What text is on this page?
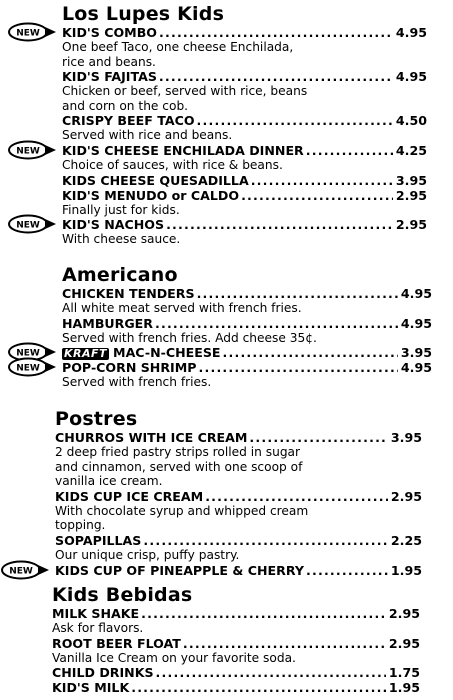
Los Lupes Kids
NEW KID'S COMBO .....	4.95
One beef Taco, one cheese Enchilada,
rice and beans.
KID'S FAJITAS .....	4.95
Chicken or beef, served with rice, beans
and corn on the cob.
CRISPY BEEF TACO .....	4.50
Served with rice and beans.
NEW KID'S CHEESE ENCHILADA DINNER .....	4.25
Choice of sauces, with rice & beans.
KIDS CHEESE QUESADILLA .....	3.95
KID'S MENUDO or CALDO .....	2.95
Finally just for kids.
NEW KID'S NACHOS .....	2.95
With cheese sauce.
Americano
CHICKEN TENDERS .....	4.95
All white meat served with french fries.
HAMBURGER .....	4.95
Served with french fries. Add cheese 35¢.
NEW KRAFT MAC-N-CHEESE .....	3.95
NEW POP-CORN SHRIMP .....	4.95
Served with french fries.
Postres
CHURROS WITH ICE CREAM .....	3.95
2 deep fried pastry strips rolled in sugar
and cinnamon, served with one scoop of
vanilla ice cream.
KIDS CUP ICE CREAM .....	2.95
With chocolate syrup and whipped cream
topping.
SOPAPILLAS .....	2.25
Our unique crisp, puffy pastry.
NEW KIDS CUP OF PINEAPPLE & CHERRY .....	1.95
Kids Bebidas
MILK SHAKE .....	2.95
Ask for flavors.
ROOT BEER FLOAT .....	2.95
Vanilla Ice Cream on your favorite soda.
CHILD DRINKS .....	1.75
KID'S MILK .....	1.95
